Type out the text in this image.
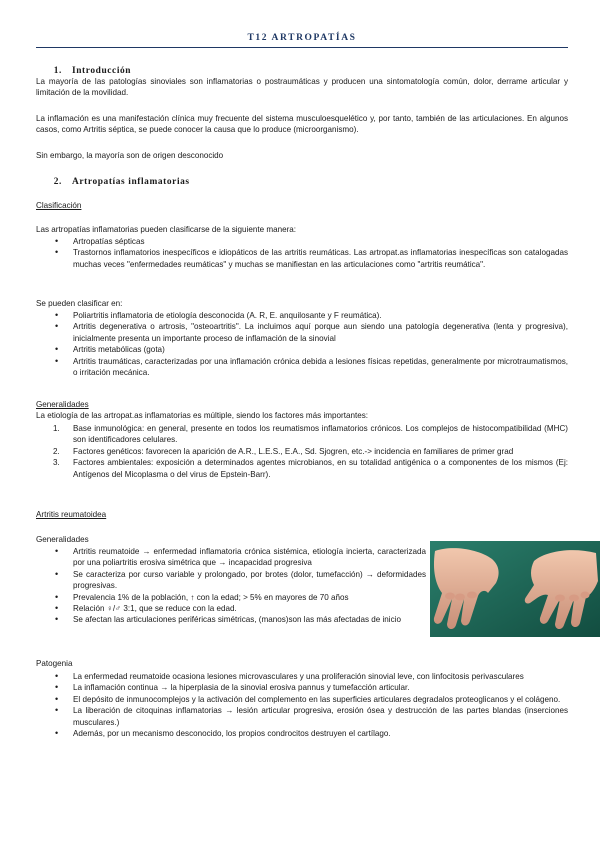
T12 ARTROPATÍAS
1. Introducción

La mayoría de las patologías sinoviales son inflamatorias o postraumáticas y producen una sintomatología común, dolor, derrame articular y limitación de la movilidad.

La inflamación es una manifestación clínica muy frecuente del sistema musculoesquelético y, por tanto, también de las articulaciones. En algunos casos, como Artritis séptica, se puede conocer la causa que lo produce (microorganismo).

Sin embargo, la mayoría son de origen desconocido

2. Artropatías inflamatorias
Clasificación
Las artropatías inflamatorias pueden clasificarse de la siguiente manera:
• Artropatías sépticas
• Trastornos inflamatorios inespecíficos e idiopáticos de las artritis reumáticas. Las artropat.as inflamatorias inespecíficas son catalogadas muchas veces "enfermedades reumáticas" y muchas se manifiestan en las articulaciones como "artritis reumática".
Se pueden clasificar en:
• Poliartritis inflamatoria de etiología desconocida (A. R, E. anquilosante y F reumática).
• Artritis degenerativa o artrosis, "osteoartritis". La incluimos aquí porque aun siendo una patología degenerativa (lenta y progresiva), inicialmente presenta un importante proceso de inflamación de la sinovial
• Artritis metabólicas (gota)
• Artritis traumáticas, caracterizadas por una inflamación crónica debida a lesiones físicas repetidas, generalmente por microtraumatismos, o irritación mecánica.
Generalidades
La etiología de las artropat.as inflamatorias es múltiple, siendo los factores más importantes:
1. Base inmunológica: en general, presente en todos los reumatismos inflamatorios crónicos. Los complejos de histocompatibilidad (MHC) son identificadores celulares.
2. Factores genéticos: favorecen la aparición de A.R., L.E.S., E.A., Sd. Sjogren, etc.-> incidencia en familiares de primer grad
3. Factores ambientales: exposición a determinados agentes microbianos, en su totalidad antigénica o a componentes de los mismos (Ej: Antígenos del Micoplasma o del virus de Epstein-Barr).
Artritis reumatoidea
Generalidades
• Artritis reumatoide → enfermedad inflamatoria crónica sistémica, etiología incierta, caracterizada por una poliartritis erosiva simétrica que → incapacidad progresiva
• Se caracteriza por curso variable y prolongado, por brotes (dolor, tumefacción) → deformidades progresivas.
• Prevalencia 1% de la población, ↑ con la edad; > 5% en mayores de 70 años
• Relación ♀/♂ 3:1, que se reduce con la edad.
• Se afectan las articulaciones periféricas simétricas, (manos)son las más afectadas de inicio
Patogenia
• La enfermedad reumatoide ocasiona lesiones microvasculares y una proliferación sinovial leve, con linfocitosis perivasculares
• La inflamación continua → la hiperplasia de la sinovial erosiva pannus y tumefacción articular.
• El depósito de inmunocomplejos y la activación del complemento en las superficies articulares degradalos proteoglicanos y el colágeno.
• La liberación de citoquinas inflamatorias → lesión articular progresiva, erosión ósea y destrucción de las partes blandas (inserciones musculares.)
• Además, por un mecanismo desconocido, los propios condrocitos destruyen el cartílago.
